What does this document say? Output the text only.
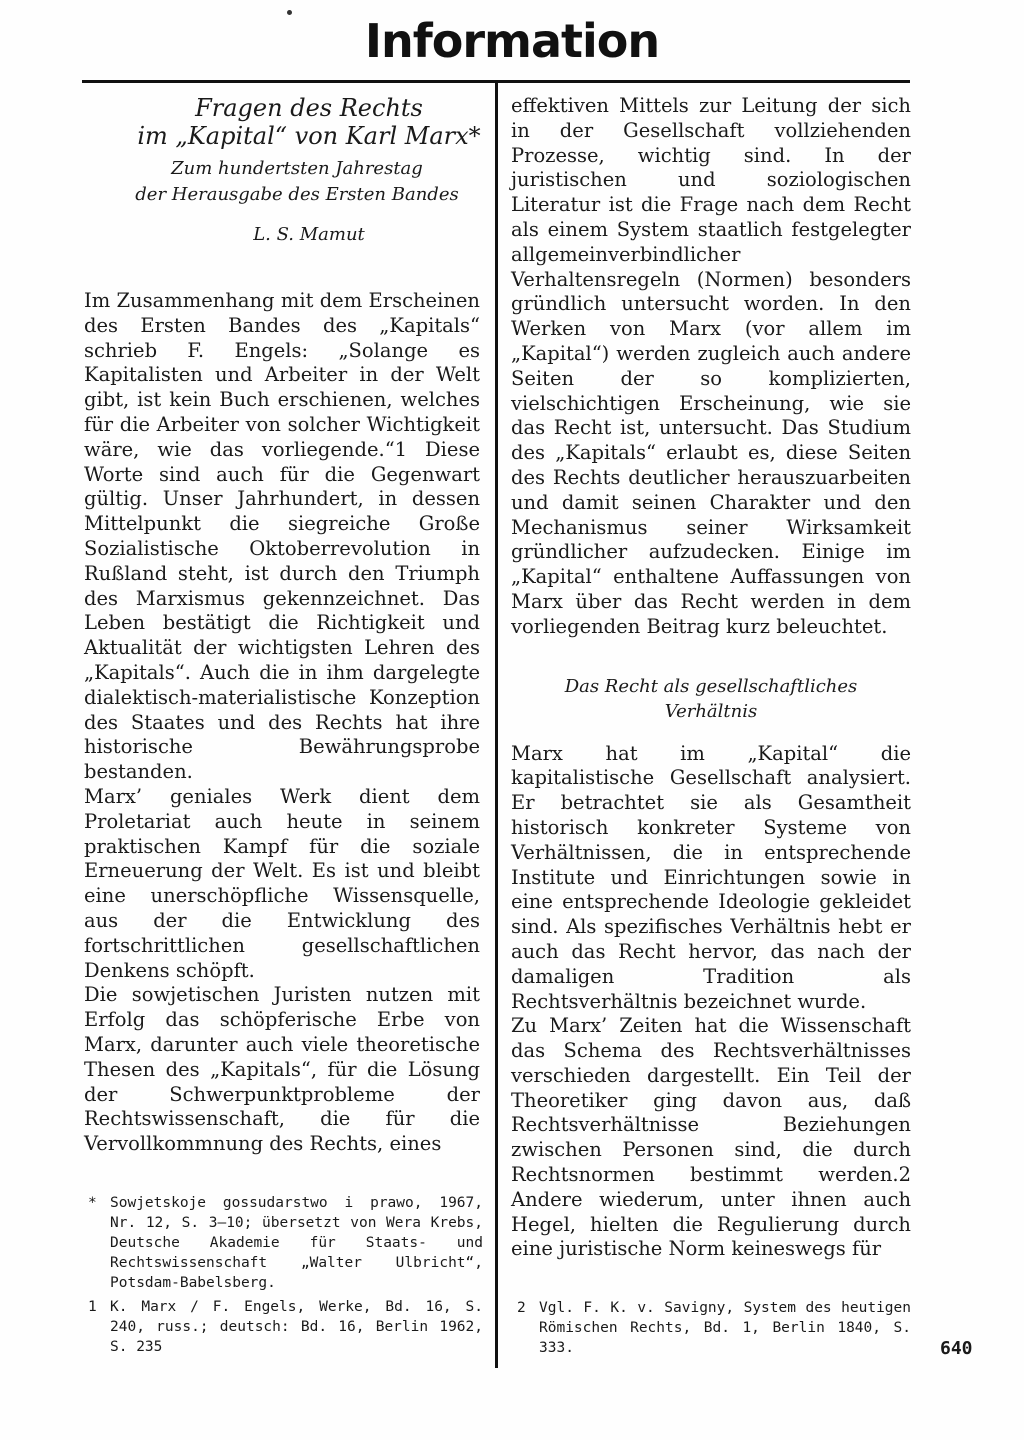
Information
Fragen des Rechts
im „Kapital“ von Karl Marx*
Zum hundertsten Jahrestag
der Herausgabe des Ersten Bandes
L. S. Mamut

Im Zusammenhang mit dem Erscheinen des Ersten Bandes des „Kapitals“ schrieb F. Engels: „Solange es Kapitalisten und Arbeiter in der Welt gibt, ist kein Buch erschienen, welches für die Arbeiter von solcher Wichtigkeit wäre, wie das vorliegende.“1 Diese Worte sind auch für die Gegenwart gültig. Unser Jahrhundert, in dessen Mittelpunkt die siegreiche Große Sozialistische Oktoberrevolution in Rußland steht, ist durch den Triumph des Marxismus gekennzeichnet. Das Leben bestätigt die Richtigkeit und Aktualität der wichtigsten Lehren des „Kapitals“. Auch die in ihm dargelegte dialektisch-materialistische Konzeption des Staates und des Rechts hat ihre historische Bewährungsprobe bestanden.

Marx’ geniales Werk dient dem Proletariat auch heute in seinem praktischen Kampf für die soziale Erneuerung der Welt. Es ist und bleibt eine unerschöpfliche Wissensquelle, aus der die Entwicklung des fortschrittlichen gesellschaftlichen Denkens schöpft.

Die sowjetischen Juristen nutzen mit Erfolg das schöpferische Erbe von Marx, darunter auch viele theoretische Thesen des „Kapitals“, für die Lösung der Schwerpunktprobleme der Rechtswissenschaft, die für die Vervollkommnung des Rechts, eines

effektiven Mittels zur Leitung der sich in der Gesellschaft vollziehenden Prozesse, wichtig sind. In der juristischen und soziologischen Literatur ist die Frage nach dem Recht als einem System staatlich festgelegter allgemeinverbindlicher Verhaltensregeln (Normen) besonders gründlich untersucht worden. In den Werken von Marx (vor allem im „Kapital“) werden zugleich auch andere Seiten der so komplizierten, vielschichtigen Erscheinung, wie sie das Recht ist, untersucht. Das Studium des „Kapitals“ erlaubt es, diese Seiten des Rechts deutlicher herauszuarbeiten und damit seinen Charakter und den Mechanismus seiner Wirksamkeit gründlicher aufzudecken. Einige im „Kapital“ enthaltene Auffassungen von Marx über das Recht werden in dem vorliegenden Beitrag kurz beleuchtet.

Das Recht als gesellschaftliches
Verhältnis

Marx hat im „Kapital“ die kapitalistische Gesellschaft analysiert. Er betrachtet sie als Gesamtheit historisch konkreter Systeme von Verhältnissen, die in entsprechende Institute und Einrichtungen sowie in eine entsprechende Ideologie gekleidet sind. Als spezifisches Verhältnis hebt er auch das Recht hervor, das nach der damaligen Tradition als Rechtsverhältnis bezeichnet wurde.

Zu Marx’ Zeiten hat die Wissenschaft das Schema des Rechtsverhältnisses verschieden dargestellt. Ein Teil der Theoretiker ging davon aus, daß Rechtsverhältnisse Beziehungen zwischen Personen sind, die durch Rechtsnormen bestimmt werden.2 Andere wiederum, unter ihnen auch Hegel, hielten die Regulierung durch eine juristische Norm keineswegs für

* Sowjetskoje gossudarstwo i prawo, 1967, Nr. 12, S. 3–10; übersetzt von Wera Krebs, Deutsche Akademie für Staats- und Rechtswissenschaft „Walter Ulbricht“, Potsdam-Babelsberg.
1 K. Marx / F. Engels, Werke, Bd. 16, S. 240, russ.; deutsch: Bd. 16, Berlin 1962, S. 235
2 Vgl. F. K. v. Savigny, System des heutigen Römischen Rechts, Bd. 1, Berlin 1840, S. 333.	640
